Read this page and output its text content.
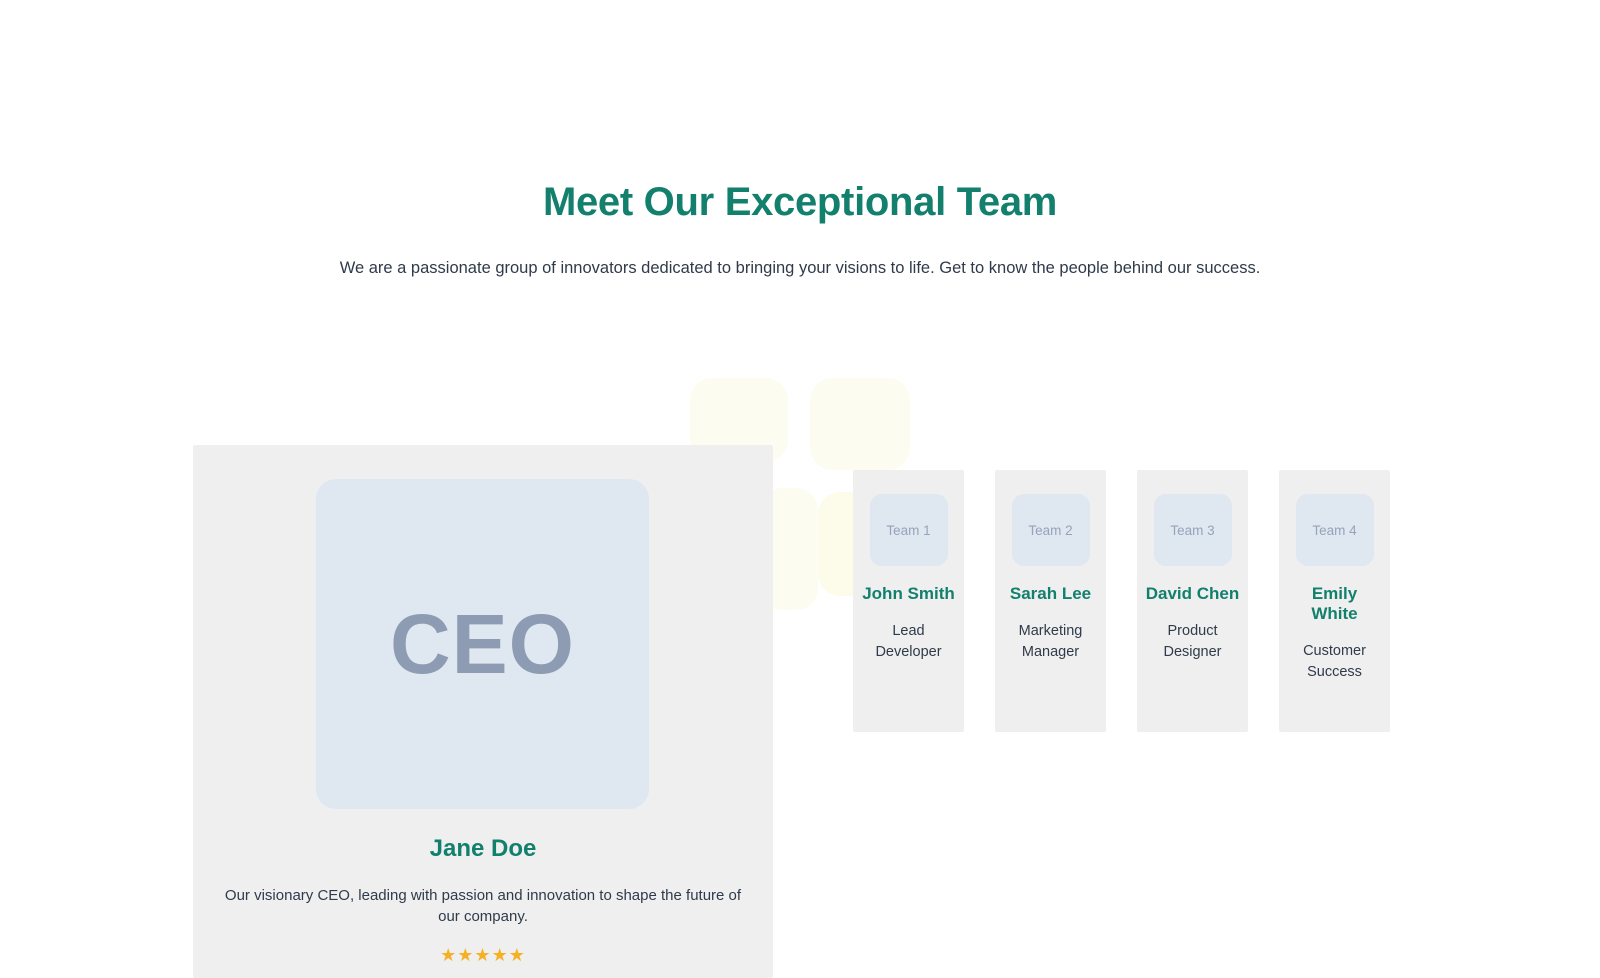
Meet Our Exceptional Team

We are a passionate group of innovators dedicated to bringing your visions to life. Get to know the people behind our success.

CEO
Jane Doe
Our visionary CEO, leading with passion and innovation to shape the future of our company.
★★★★★
Team 1
John Smith
Lead Developer
Team 2
Sarah Lee
Marketing Manager
Team 3
David Chen
Product Designer
Team 4
Emily White
Customer Success
